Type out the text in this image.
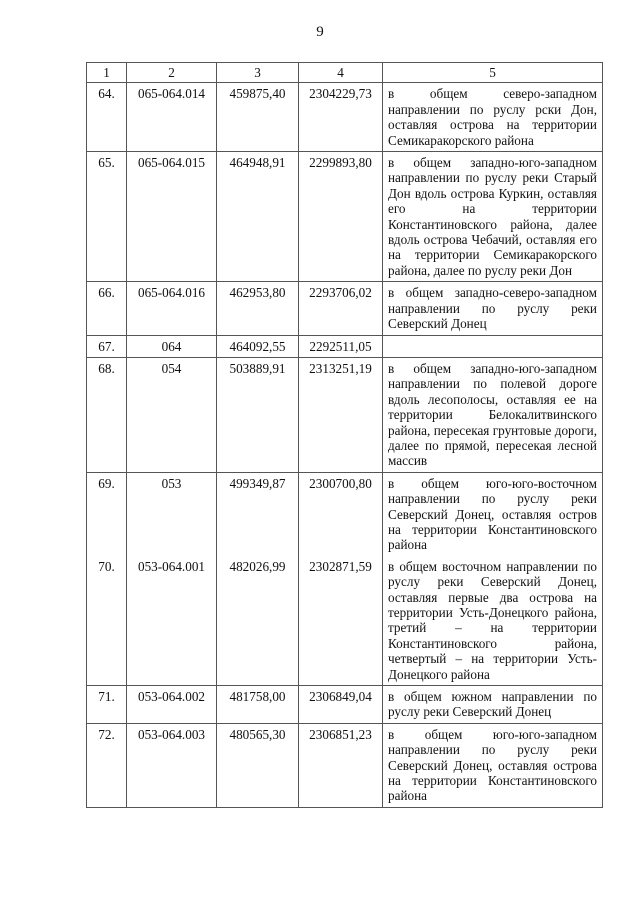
9
1	2	3	4	5
64.	065-064.014	459875,40	2304229,73	в общем северо-западном направлении по руслу рски Дон, оставляя острова на территории Семикаракорского района
65.	065-064.015	464948,91	2299893,80	в общем западно-юго-западном направлении по руслу реки Старый Дон вдоль острова Куркин, оставляя его на территории Константиновского района, далее вдоль острова Чебачий, оставляя его на территории Семикаракорского района, далее по руслу реки Дон
66.	065-064.016	462953,80	2293706,02	в общем западно-северо-западном направлении по руслу реки Северский Донец
67.	064	464092,55	2292511,05	
68.	054	503889,91	2313251,19	в общем западно-юго-западном направлении по полевой дороге вдоль лесополосы, оставляя ее на территории Белокалитвинского района, пересекая грунтовые дороги, далее по прямой, пересекая лесной массив
69.	053	499349,87	2300700,80	в общем юго-юго-восточном направлении по руслу реки Северский Донец, оставляя остров на территории Константиновского района
70.	053-064.001	482026,99	2302871,59	в общем восточном направлении по руслу реки Северский Донец, оставляя первые два острова на территории Усть-Донецкого района, третий – на территории Константиновского района, четвертый – на территории Усть-Донецкого района
71.	053-064.002	481758,00	2306849,04	в общем южном направлении по руслу реки Северский Донец
72.	053-064.003	480565,30	2306851,23	в общем юго-юго-западном направлении по руслу реки Северский Донец, оставляя острова на территории Константиновского района
